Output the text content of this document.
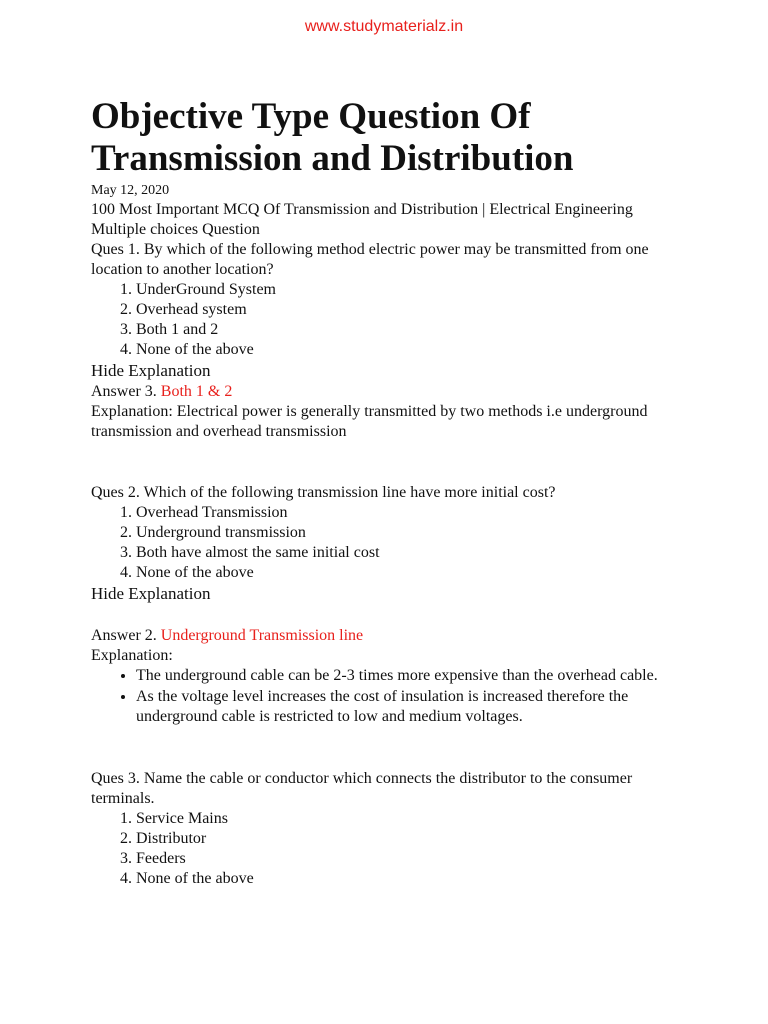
www.studymaterialz.in
Objective Type Question Of Transmission and Distribution
May 12, 2020
100 Most Important MCQ Of Transmission and Distribution | Electrical Engineering Multiple choices Question
Ques 1. By which of the following method electric power may be transmitted from one location to another location?
1. UnderGround System
2. Overhead system
3. Both 1 and 2
4. None of the above
Hide Explanation
Answer 3. Both 1 & 2
Explanation: Electrical power is generally transmitted by two methods i.e underground transmission and overhead transmission
Ques 2. Which of the following transmission line have more initial cost?
1. Overhead Transmission
2. Underground transmission
3. Both have almost the same initial cost
4. None of the above
Hide Explanation
Answer 2. Underground Transmission line
Explanation:
• The underground cable can be 2-3 times more expensive than the overhead cable.
• As the voltage level increases the cost of insulation is increased therefore the underground cable is restricted to low and medium voltages.
Ques 3. Name the cable or conductor which connects the distributor to the consumer terminals.
1. Service Mains
2. Distributor
3. Feeders
4. None of the above
